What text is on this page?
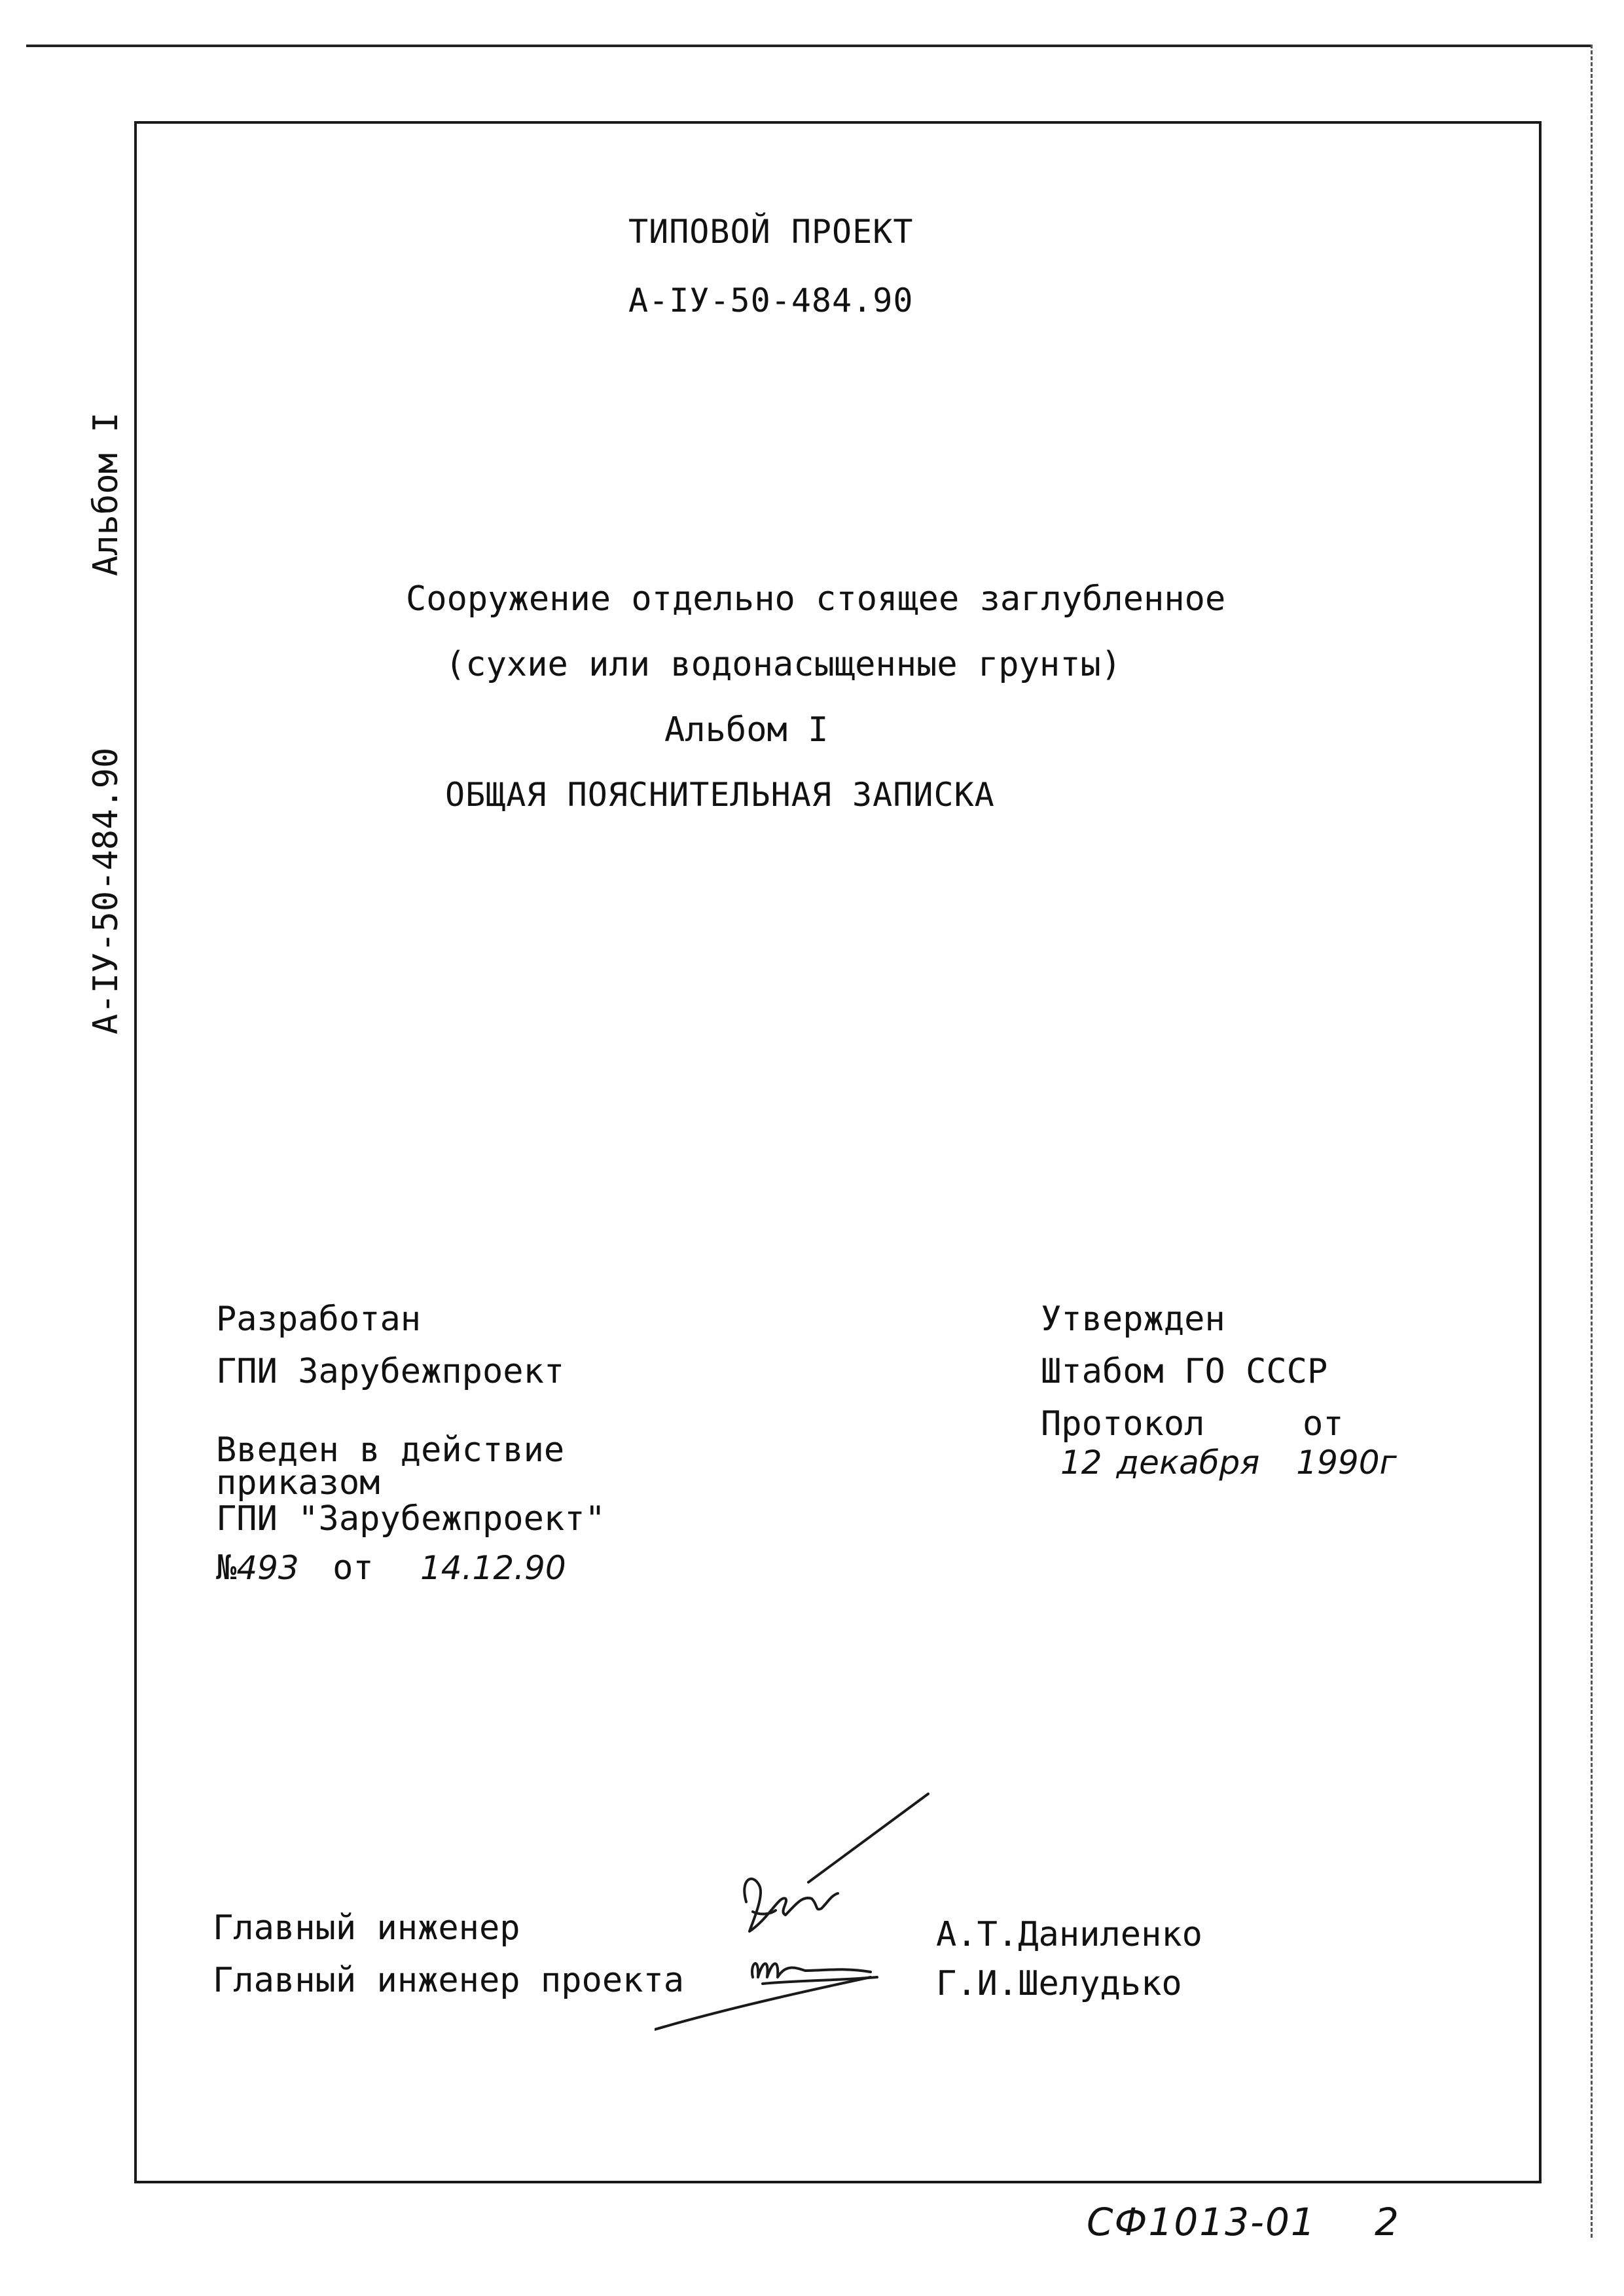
Альбом I
А-IУ-50-484.90
ТИПОВОЙ ПРОЕКТ
А-IУ-50-484.90
Сооружение отдельно стоящее заглубленное
(сухие или водонасыщенные грунты)
Альбом I
ОБЩАЯ ПОЯСНИТЕЛЬНАЯ ЗАПИСКА
Разработан
ГПИ Зарубежпроект
Введен в действие
приказом
ГПИ "Зарубежпроект"
№493 от 14.12.90
Утвержден
Штабом ГО СССР
Протокол	от
12 декабря 1990г
Главный инженер	А.Т.Даниленко
Главный инженер проекта	Г.И.Шелудько
СФ1013-01 2
